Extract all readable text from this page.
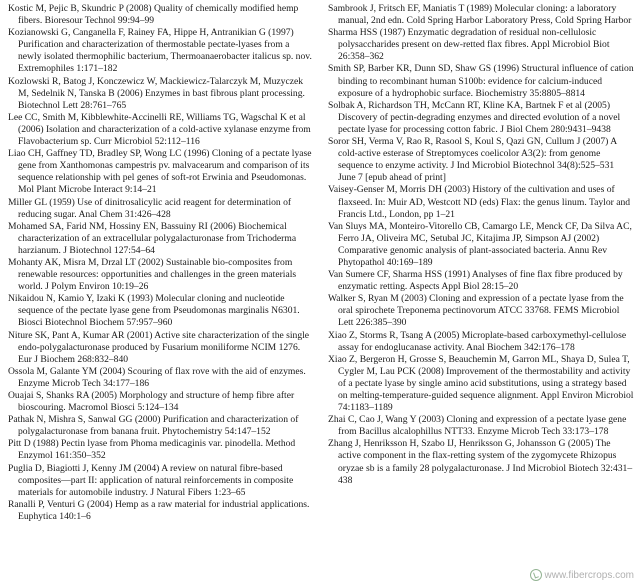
Kostic M, Pejic B, Skundric P (2008) Quality of chemically modified hemp fibers. Bioresour Technol 99:94–99

Kozianowski G, Canganella F, Rainey FA, Hippe H, Antranikian G (1997) Purification and characterization of thermostable pectate-lyases from a newly isolated thermophilic bacterium, Thermoanaerobacter italicus sp. nov. Extremophiles 1:171–182

Kozlowski R, Batog J, Konczewicz W, Mackiewicz-Talarczyk M, Muzyczek M, Sedelnik N, Tanska B (2006) Enzymes in bast fibrous plant processing. Biotechnol Lett 28:761–765

Lee CC, Smith M, Kibblewhite-Accinelli RE, Williams TG, Wagschal K et al (2006) Isolation and characterization of a cold-active xylanase enzyme from Flavobacterium sp. Curr Microbiol 52:112–116

Liao CH, Gaffney TD, Bradley SP, Wong LC (1996) Cloning of a pectate lyase gene from Xanthomonas campestris pv. malvacearum and comparison of its sequence relationship with pel genes of soft-rot Erwinia and Pseudomonas. Mol Plant Microbe Interact 9:14–21

Miller GL (1959) Use of dinitrosalicylic acid reagent for determination of reducing sugar. Anal Chem 31:426–428

Mohamed SA, Farid NM, Hossiny EN, Bassuiny RI (2006) Biochemical characterization of an extracellular polygalacturonase from Trichoderma harzianum. J Biotechnol 127:54–64

Mohanty AK, Misra M, Drzal LT (2002) Sustainable bio-composites from renewable resources: opportunities and challenges in the green materials world. J Polym Environ 10:19–26

Nikaidou N, Kamio Y, Izaki K (1993) Molecular cloning and nucleotide sequence of the pectate lyase gene from Pseudomonas marginalis N6301. Biosci Biotechnol Biochem 57:957–960

Niture SK, Pant A, Kumar AR (2001) Active site characterization of the single endo-polygalacturonase produced by Fusarium moniliforme NCIM 1276. Eur J Biochem 268:832–840

Ossola M, Galante YM (2004) Scouring of flax rove with the aid of enzymes. Enzyme Microb Tech 34:177–186

Ouajai S, Shanks RA (2005) Morphology and structure of hemp fibre after bioscouring. Macromol Biosci 5:124–134

Pathak N, Mishra S, Sanwal GG (2000) Purification and characterization of polygalacturonase from banana fruit. Phytochemistry 54:147–152

Pitt D (1988) Pectin lyase from Phoma medicaginis var. pinodella. Method Enzymol 161:350–352

Puglia D, Biagiotti J, Kenny JM (2004) A review on natural fibre-based composites—part II: application of natural reinforcements in composite materials for automobile industry. J Natural Fibers 1:23–65

Ranalli P, Venturi G (2004) Hemp as a raw material for industrial applications. Euphytica 140:1–6

Sambrook J, Fritsch EF, Maniatis T (1989) Molecular cloning: a laboratory manual, 2nd edn. Cold Spring Harbor Laboratory Press, Cold Spring Harbor

Sharma HSS (1987) Enzymatic degradation of residual non-cellulosic polysaccharides present on dew-retted flax fibres. Appl Microbiol Biot 26:358–362

Smith SP, Barber KR, Dunn SD, Shaw GS (1996) Structural influence of cation binding to recombinant human S100b: evidence for calcium-induced exposure of a hydrophobic surface. Biochemistry 35:8805–8814

Solbak A, Richardson TH, McCann RT, Kline KA, Bartnek F et al (2005) Discovery of pectin-degrading enzymes and directed evolution of a novel pectate lyase for processing cotton fabric. J Biol Chem 280:9431–9438

Soror SH, Verma V, Rao R, Rasool S, Koul S, Qazi GN, Cullum J (2007) A cold-active esterase of Streptomyces coelicolor A3(2): from genome sequence to enzyme activity. J Ind Microbiol Biotechnol 34(8):525–531 June 7 [epub ahead of print]

Vaisey-Genser M, Morris DH (2003) History of the cultivation and uses of flaxseed. In: Muir AD, Westcott ND (eds) Flax: the genus linum. Taylor and Francis Ltd., London, pp 1–21

Van Sluys MA, Monteiro-Vitorello CB, Camargo LE, Menck CF, Da Silva AC, Ferro JA, Oliveira MC, Setubal JC, Kitajima JP, Simpson AJ (2002) Comparative genomic analysis of plant-associated bacteria. Annu Rev Phytopathol 40:169–189

Van Sumere CF, Sharma HSS (1991) Analyses of fine flax fibre produced by enzymatic retting. Aspects Appl Biol 28:15–20

Walker S, Ryan M (2003) Cloning and expression of a pectate lyase from the oral spirochete Treponema pectinovorum ATCC 33768. FEMS Microbiol Lett 226:385–390

Xiao Z, Storms R, Tsang A (2005) Microplate-based carboxymethyl-cellulose assay for endoglucanase activity. Anal Biochem 342:176–178

Xiao Z, Bergeron H, Grosse S, Beauchemin M, Garron ML, Shaya D, Sulea T, Cygler M, Lau PCK (2008) Improvement of the thermostability and activity of a pectate lyase by single amino acid substitutions, using a strategy based on melting-temperature-guided sequence alignment. Appl Environ Microbiol 74:1183–1189

Zhai C, Cao J, Wang Y (2003) Cloning and expression of a pectate lyase gene from Bacillus alcalophillus NTT33. Enzyme Microb Tech 33:173–178

Zhang J, Henriksson H, Szabo IJ, Henriksson G, Johansson G (2005) The active component in the flax-retting system of the zygomycete Rhizopus oryzae sb is a family 28 polygalacturonase. J Ind Microbiol Biotech 32:431–438

www.fibercrops.com
